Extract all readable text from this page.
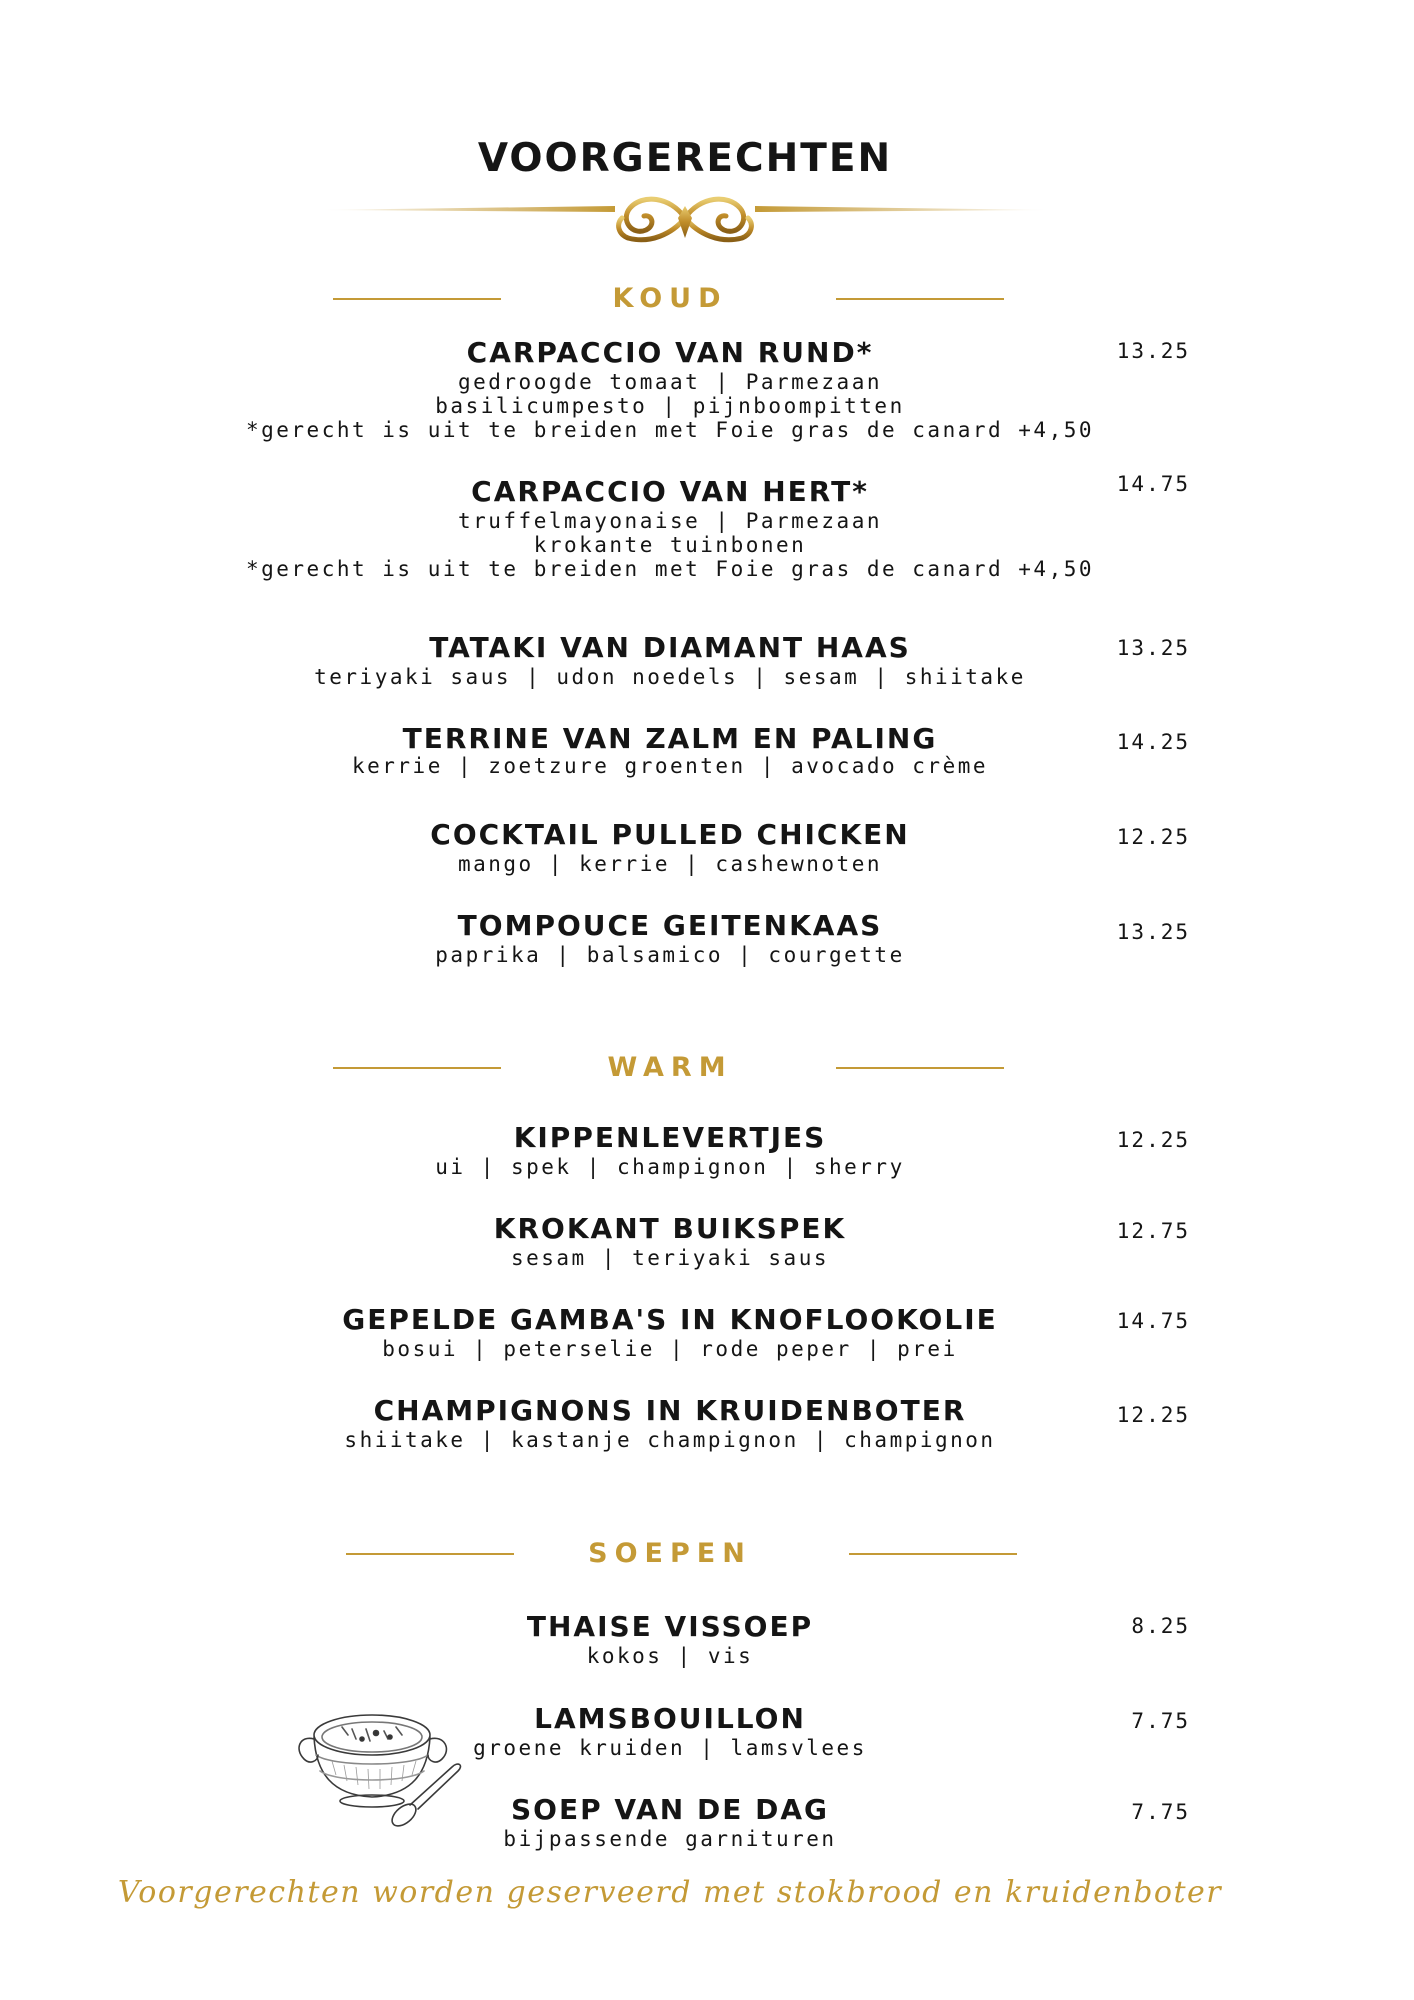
VOORGERECHTEN
KOUD
CARPACCIO VAN RUND*
gedroogde tomaat | Parmezaan
basilicumpesto | pijnboompitten
*gerecht is uit te breiden met Foie gras de canard +4,50
13.25
CARPACCIO VAN HERT*
truffelmayonaise | Parmezaan
krokante tuinbonen
*gerecht is uit te breiden met Foie gras de canard +4,50
14.75
TATAKI VAN DIAMANT HAAS
teriyaki saus | udon noedels | sesam | shiitake
13.25
TERRINE VAN ZALM EN PALING
kerrie | zoetzure groenten | avocado crème
14.25
COCKTAIL PULLED CHICKEN
mango | kerrie | cashewnoten
12.25
TOMPOUCE GEITENKAAS
paprika | balsamico | courgette
13.25
WARM
KIPPENLEVERTJES
ui | spek | champignon | sherry
12.25
KROKANT BUIKSPEK
sesam | teriyaki saus
12.75
GEPELDE GAMBA'S IN KNOFLOOKOLIE
bosui | peterselie | rode peper | prei
14.75
CHAMPIGNONS IN KRUIDENBOTER
shiitake | kastanje champignon | champignon
12.25
SOEPEN
THAISE VISSOEP
kokos | vis
8.25
LAMSBOUILLON
groene kruiden | lamsvlees
7.75
SOEP VAN DE DAG
bijpassende garnituren
7.75

Voorgerechten worden geserveerd met stokbrood en kruidenboter
